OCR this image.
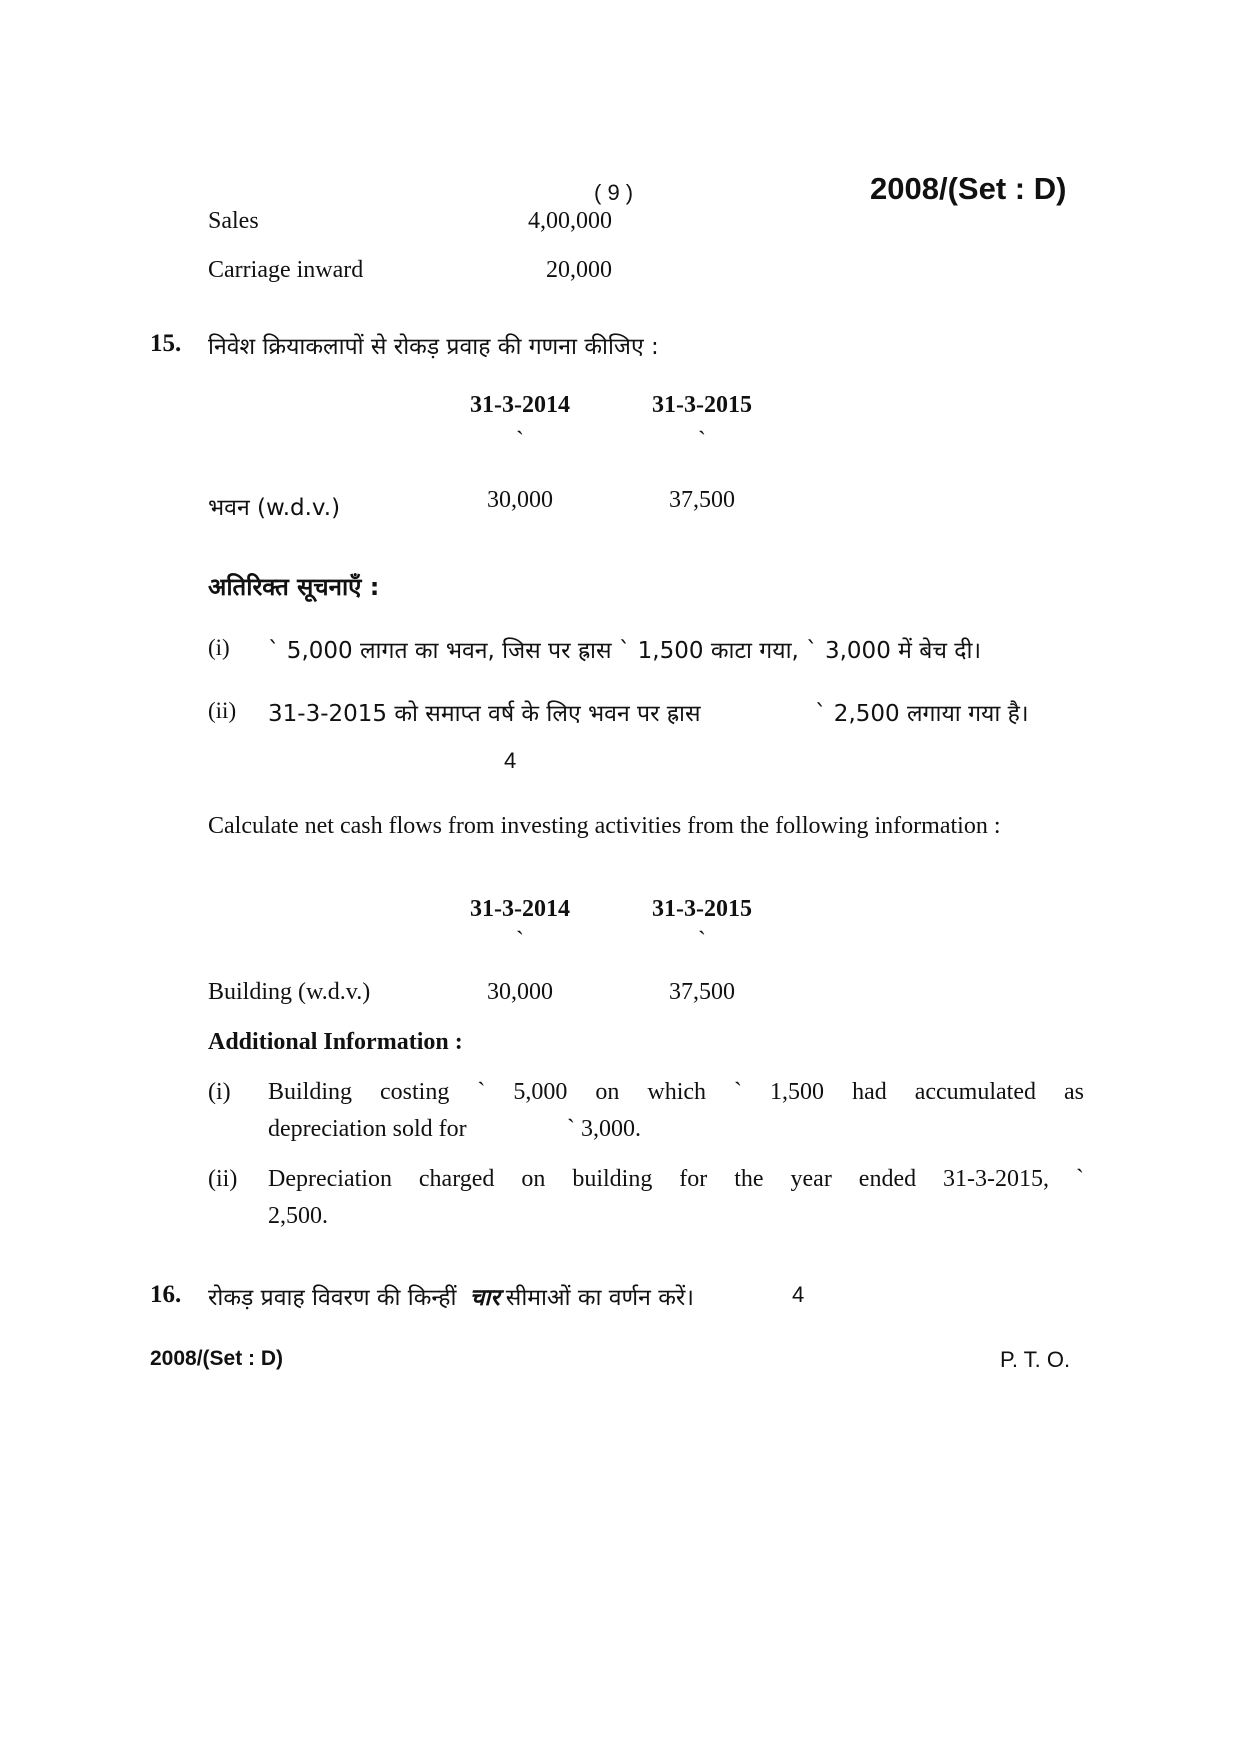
( 9 )	2008/(Set : D)
Sales	4,00,000
Carriage inward	20,000
15. निवेश क्रियाकलापों से रोकड़ प्रवाह की गणना कीजिए :
31-3-2014	31-3-2015
`	`
भवन (w.d.v.)	30,000	37,500
अतिरिक्त सूचनाएँ :
(i) ` 5,000 लागत का भवन, जिस पर ह्रास ` 1,500 काटा गया, ` 3,000 में बेच दी।
(ii) 31-3-2015 को समाप्त वर्ष के लिए भवन पर ह्रास	` 2,500 लगाया गया है।
4
Calculate net cash flows from investing activities from the following information :
31-3-2014	31-3-2015
`	`
Building (w.d.v.)	30,000	37,500
Additional Information :
(i) Building costing ` 5,000 on which ` 1,500 had accumulated as
depreciation sold for	` 3,000.
(ii) Depreciation charged on building for the year ended 31-3-2015, `
2,500.
16. रोकड़ प्रवाह विवरण की किन्हीं चार सीमाओं का वर्णन करें।	4
2008/(Set : D)	P. T. O.
